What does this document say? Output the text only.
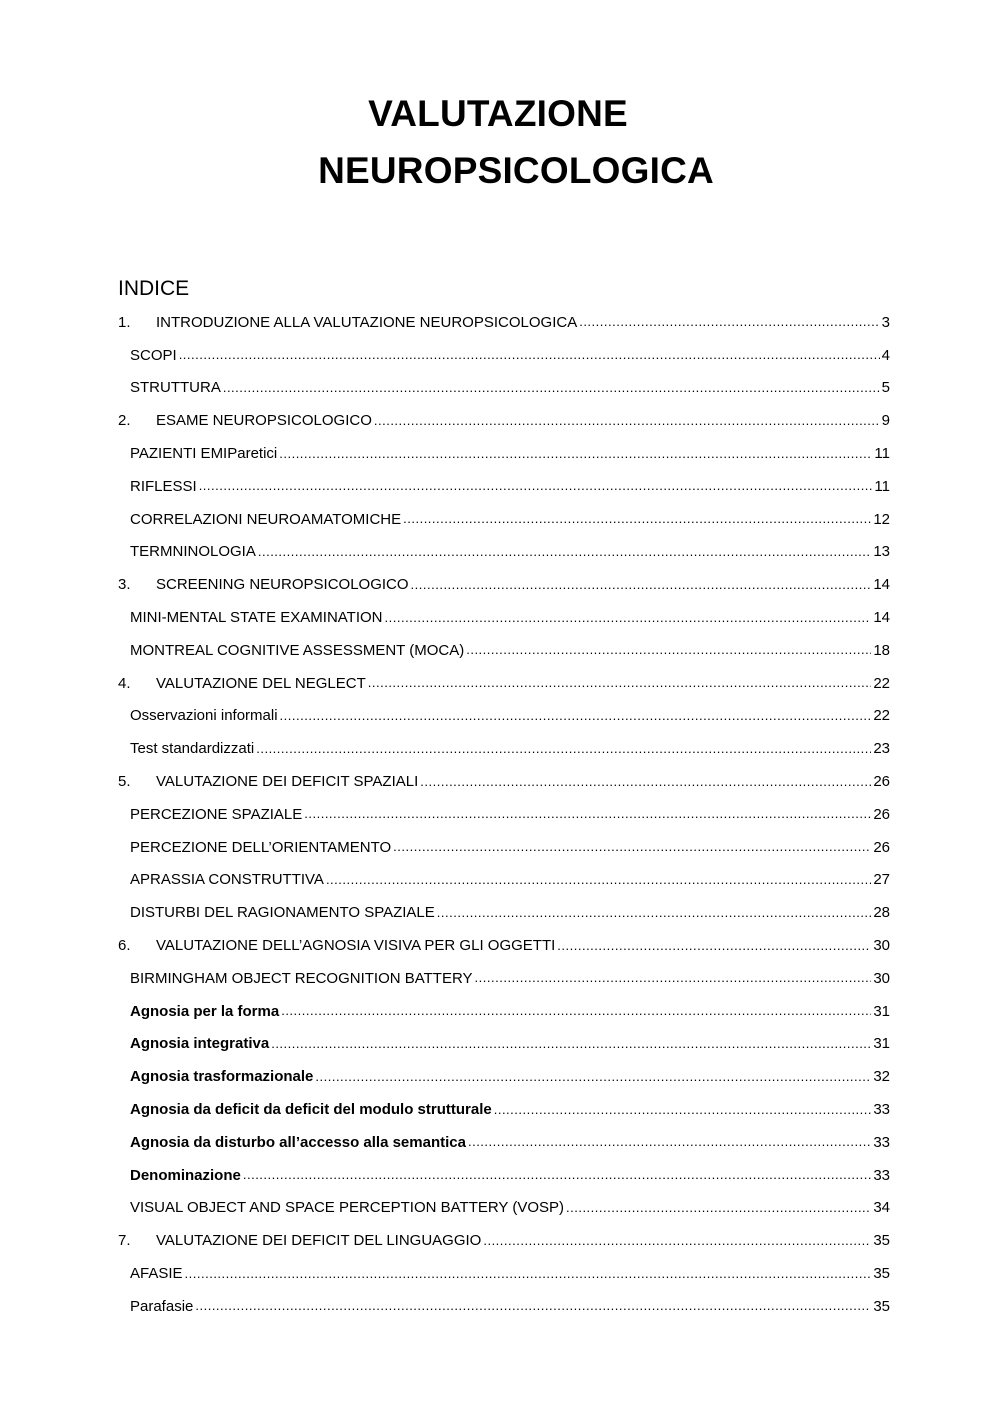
VALUTAZIONE
NEUROPSICOLOGICA
INDICE
1.	INTRODUZIONE ALLA VALUTAZIONE NEUROPSICOLOGICA .....	3
SCOPI .....	4
STRUTTURA .....	5
2.	ESAME NEUROPSICOLOGICO .....	9
PAZIENTI EMIParetici .....	11
RIFLESSI .....	11
CORRELAZIONI NEUROAMATOMICHE .....	12
TERMNINOLOGIA .....	13
3.	SCREENING NEUROPSICOLOGICO .....	14
MINI-MENTAL STATE EXAMINATION .....	14
MONTREAL COGNITIVE ASSESSMENT (MOCA) .....	18
4.	VALUTAZIONE DEL NEGLECT .....	22
Osservazioni informali .....	22
Test standardizzati .....	23
5.	VALUTAZIONE DEI DEFICIT SPAZIALI .....	26
PERCEZIONE SPAZIALE .....	26
PERCEZIONE DELL’ORIENTAMENTO .....	26
APRASSIA CONSTRUTTIVA .....	27
DISTURBI DEL RAGIONAMENTO SPAZIALE .....	28
6.	VALUTAZIONE DELL’AGNOSIA VISIVA PER GLI OGGETTI .....	30
BIRMINGHAM OBJECT RECOGNITION BATTERY .....	30
Agnosia per la forma .....	31
Agnosia integrativa .....	31
Agnosia trasformazionale .....	32
Agnosia da deficit da deficit del modulo strutturale .....	33
Agnosia da disturbo all’accesso alla semantica .....	33
Denominazione .....	33
VISUAL OBJECT AND SPACE PERCEPTION BATTERY (VOSP) .....	34
7.	VALUTAZIONE DEI DEFICIT DEL LINGUAGGIO .....	35
AFASIE .....	35
Parafasie .....	35
